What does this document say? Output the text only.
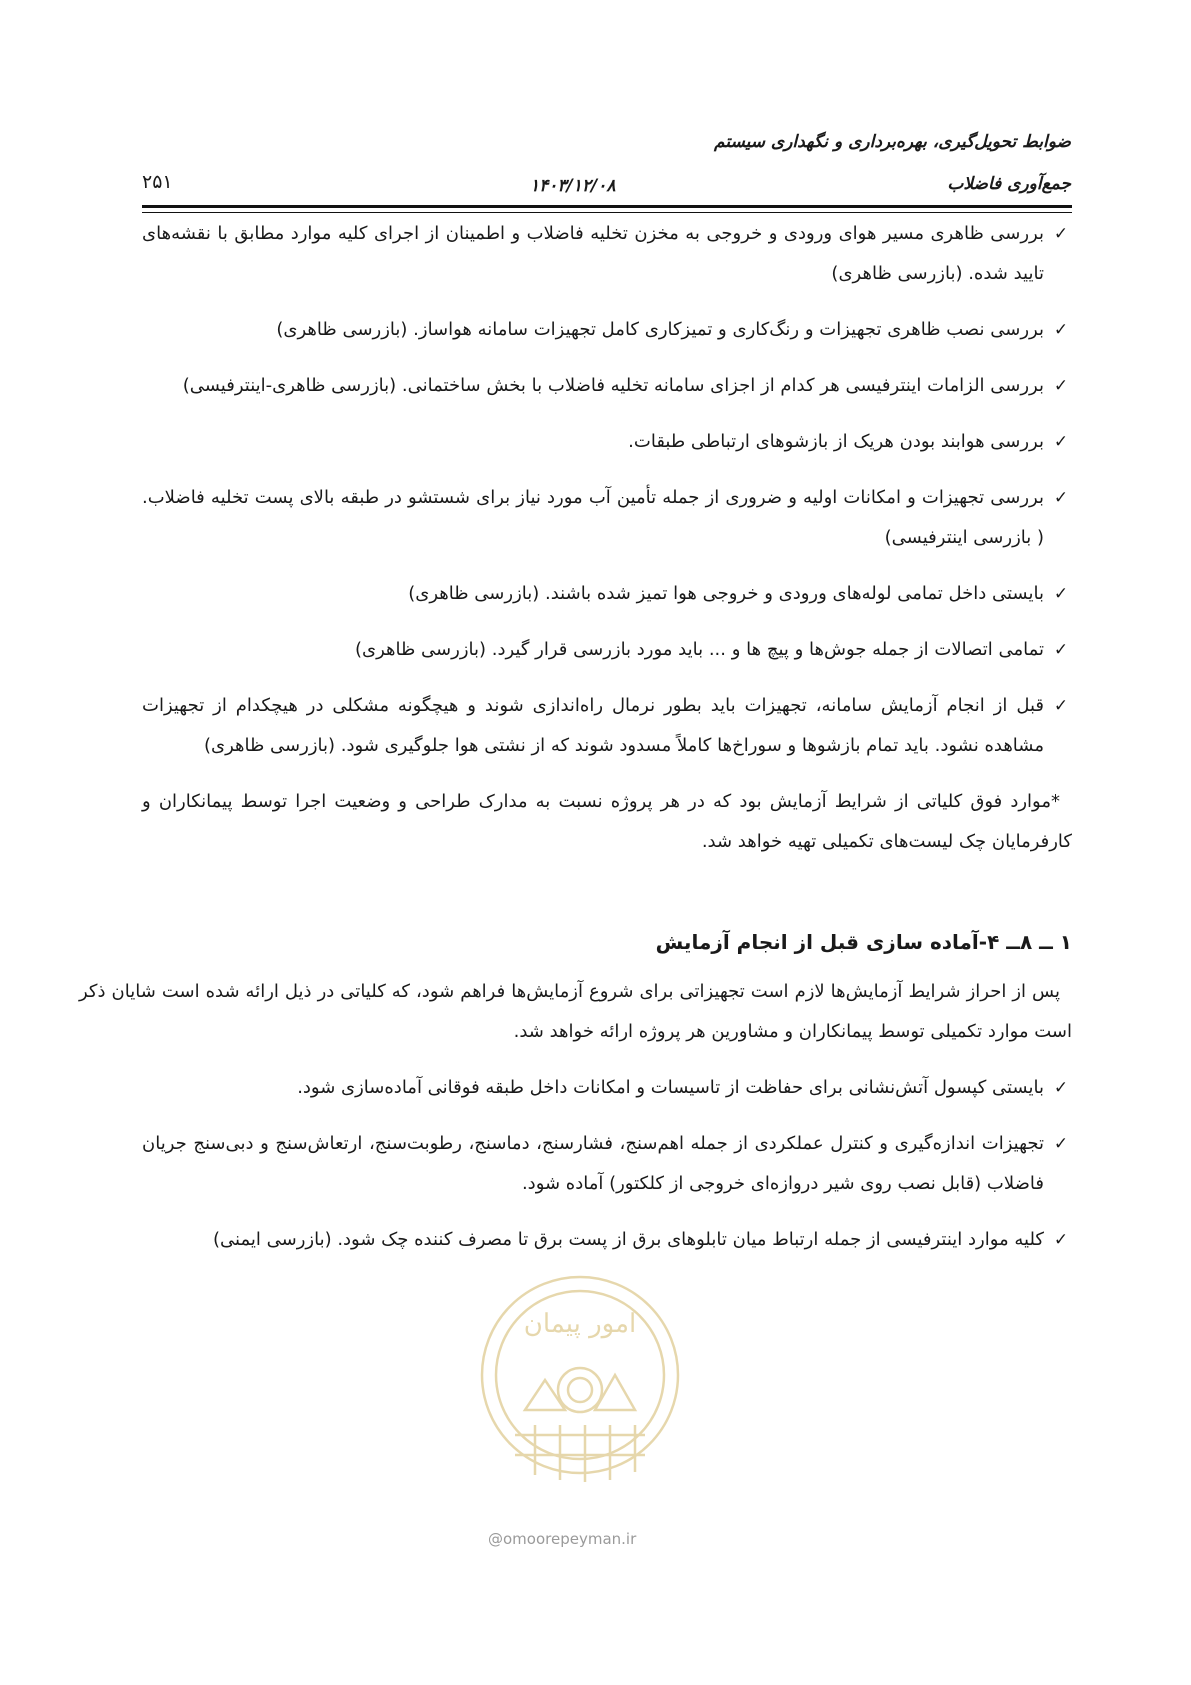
ضوابط تحویل‌گیری، بهره‌برداری و نگهداری سیستم
جمع‌آوری فاضلاب
۱۴۰۳/۱۲/۰۸
۲۵۱
✓
بررسی ظاهری مسیر هوای ورودی و خروجی به مخزن تخلیه فاضلاب و اطمینان از اجرای کلیه موارد مطابق با نقشه‌های تایید شده. (بازرسی ظاهری)
✓
بررسی نصب ظاهری تجهیزات و رنگ‌کاری و تمیزکاری کامل تجهیزات سامانه هواساز. (بازرسی ظاهری)
✓
بررسی الزامات اینترفیسی هر کدام از اجزای سامانه تخلیه فاضلاب با بخش ساختمانی. (بازرسی ظاهری-اینترفیسی)
✓
بررسی هوابند بودن هریک از بازشوهای ارتباطی طبقات.
✓
بررسی تجهیزات و امکانات اولیه و ضروری از جمله تأمین آب مورد نیاز برای شستشو در طبقه بالای پست تخلیه فاضلاب. ( بازرسی اینترفیسی)
✓
بایستی داخل تمامی لوله‌های ورودی و خروجی هوا تمیز شده باشند. (بازرسی ظاهری)
✓
تمامی اتصالات از جمله جوش‌ها و پیچ ها و ... باید مورد بازرسی قرار گیرد. (بازرسی ظاهری)
✓
قبل از انجام آزمایش سامانه، تجهیزات باید بطور نرمال راه‌اندازی شوند و هیچگونه مشکلی در هیچکدام از تجهیزات مشاهده نشود. باید تمام بازشوها و سوراخ‌ها کاملاً مسدود شوند که از نشتی هوا جلوگیری شود. (بازرسی ظاهری)

*موارد فوق کلیاتی از شرایط آزمایش بود که در هر پروژه نسبت به مدارک طراحی و وضعیت اجرا توسط پیمانکاران و کارفرمایان چک لیست‌های تکمیلی تهیه خواهد شد.

۱ ــ ۸ــ ۴-آماده سازی قبل از انجام آزمایش

پس از احراز شرایط آزمایش‌ها لازم است تجهیزاتی برای شروع آزمایش‌ها فراهم شود، که کلیاتی در ذیل ارائه شده است شایان ذکر است موارد تکمیلی توسط پیمانکاران و مشاورین هر پروژه ارائه خواهد شد.

✓
بایستی کپسول آتش‌نشانی برای حفاظت از تاسیسات و امکانات داخل طبقه فوقانی آماده‌سازی شود.
✓
تجهیزات اندازه‌گیری و کنترل عملکردی از جمله اهم‌سنج، فشارسنج، دماسنج، رطوبت‌سنج، ارتعاش‌سنج و دبی‌سنج جریان فاضلاب (قابل نصب روی شیر دروازه‌ای خروجی از کلکتور) آماده شود.
✓
کلیه موارد اینترفیسی از جمله ارتباط میان تابلوهای برق از پست برق تا مصرف کننده چک شود. (بازرسی ایمنی)
امور پیمان
@omoorepeyman.ir
